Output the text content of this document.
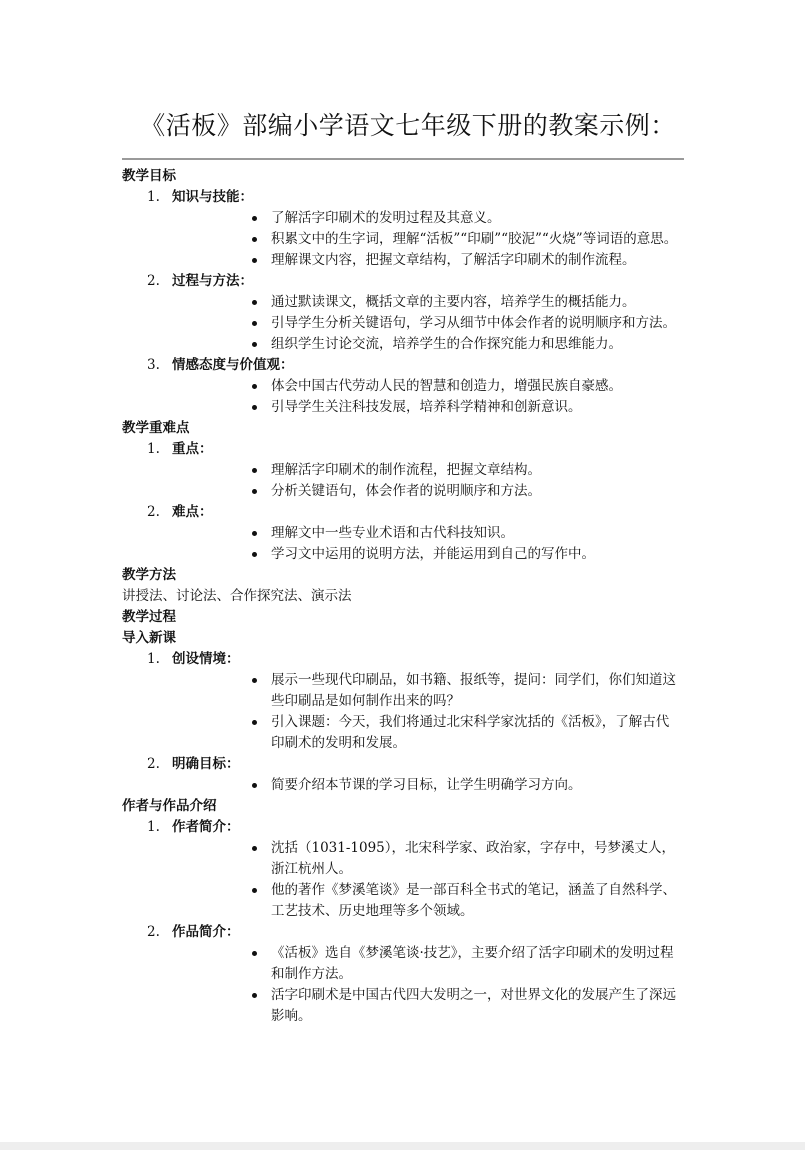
《活板》部编小学语文七年级下册的教案示例：
教学目标
1. 知识与技能：
了解活字印刷术的发明过程及其意义。
积累文中的生字词，理解“活板”“印刷”“胶泥”“火烧”等词语的意思。
理解课文内容，把握文章结构，了解活字印刷术的制作流程。
2. 过程与方法：
通过默读课文，概括文章的主要内容，培养学生的概括能力。
引导学生分析关键语句，学习从细节中体会作者的说明顺序和方法。
组织学生讨论交流，培养学生的合作探究能力和思维能力。
3. 情感态度与价值观：
体会中国古代劳动人民的智慧和创造力，增强民族自豪感。
引导学生关注科技发展，培养科学精神和创新意识。
教学重难点
1. 重点：
理解活字印刷术的制作流程，把握文章结构。
分析关键语句，体会作者的说明顺序和方法。
2. 难点：
理解文中一些专业术语和古代科技知识。
学习文中运用的说明方法，并能运用到自己的写作中。
教学方法
讲授法、讨论法、合作探究法、演示法
教学过程
导入新课
1. 创设情境：
展示一些现代印刷品，如书籍、报纸等，提问：同学们，你们知道这些印刷品是如何制作出来的吗？
引入课题：今天，我们将通过北宋科学家沈括的《活板》，了解古代印刷术的发明和发展。
2. 明确目标：
简要介绍本节课的学习目标，让学生明确学习方向。
作者与作品介绍
1. 作者简介：
沈括（1031-1095），北宋科学家、政治家，字存中，号梦溪丈人，浙江杭州人。
他的著作《梦溪笔谈》是一部百科全书式的笔记，涵盖了自然科学、工艺技术、历史地理等多个领域。
2. 作品简介：
《活板》选自《梦溪笔谈·技艺》，主要介绍了活字印刷术的发明过程和制作方法。
活字印刷术是中国古代四大发明之一，对世界文化的发展产生了深远影响。
